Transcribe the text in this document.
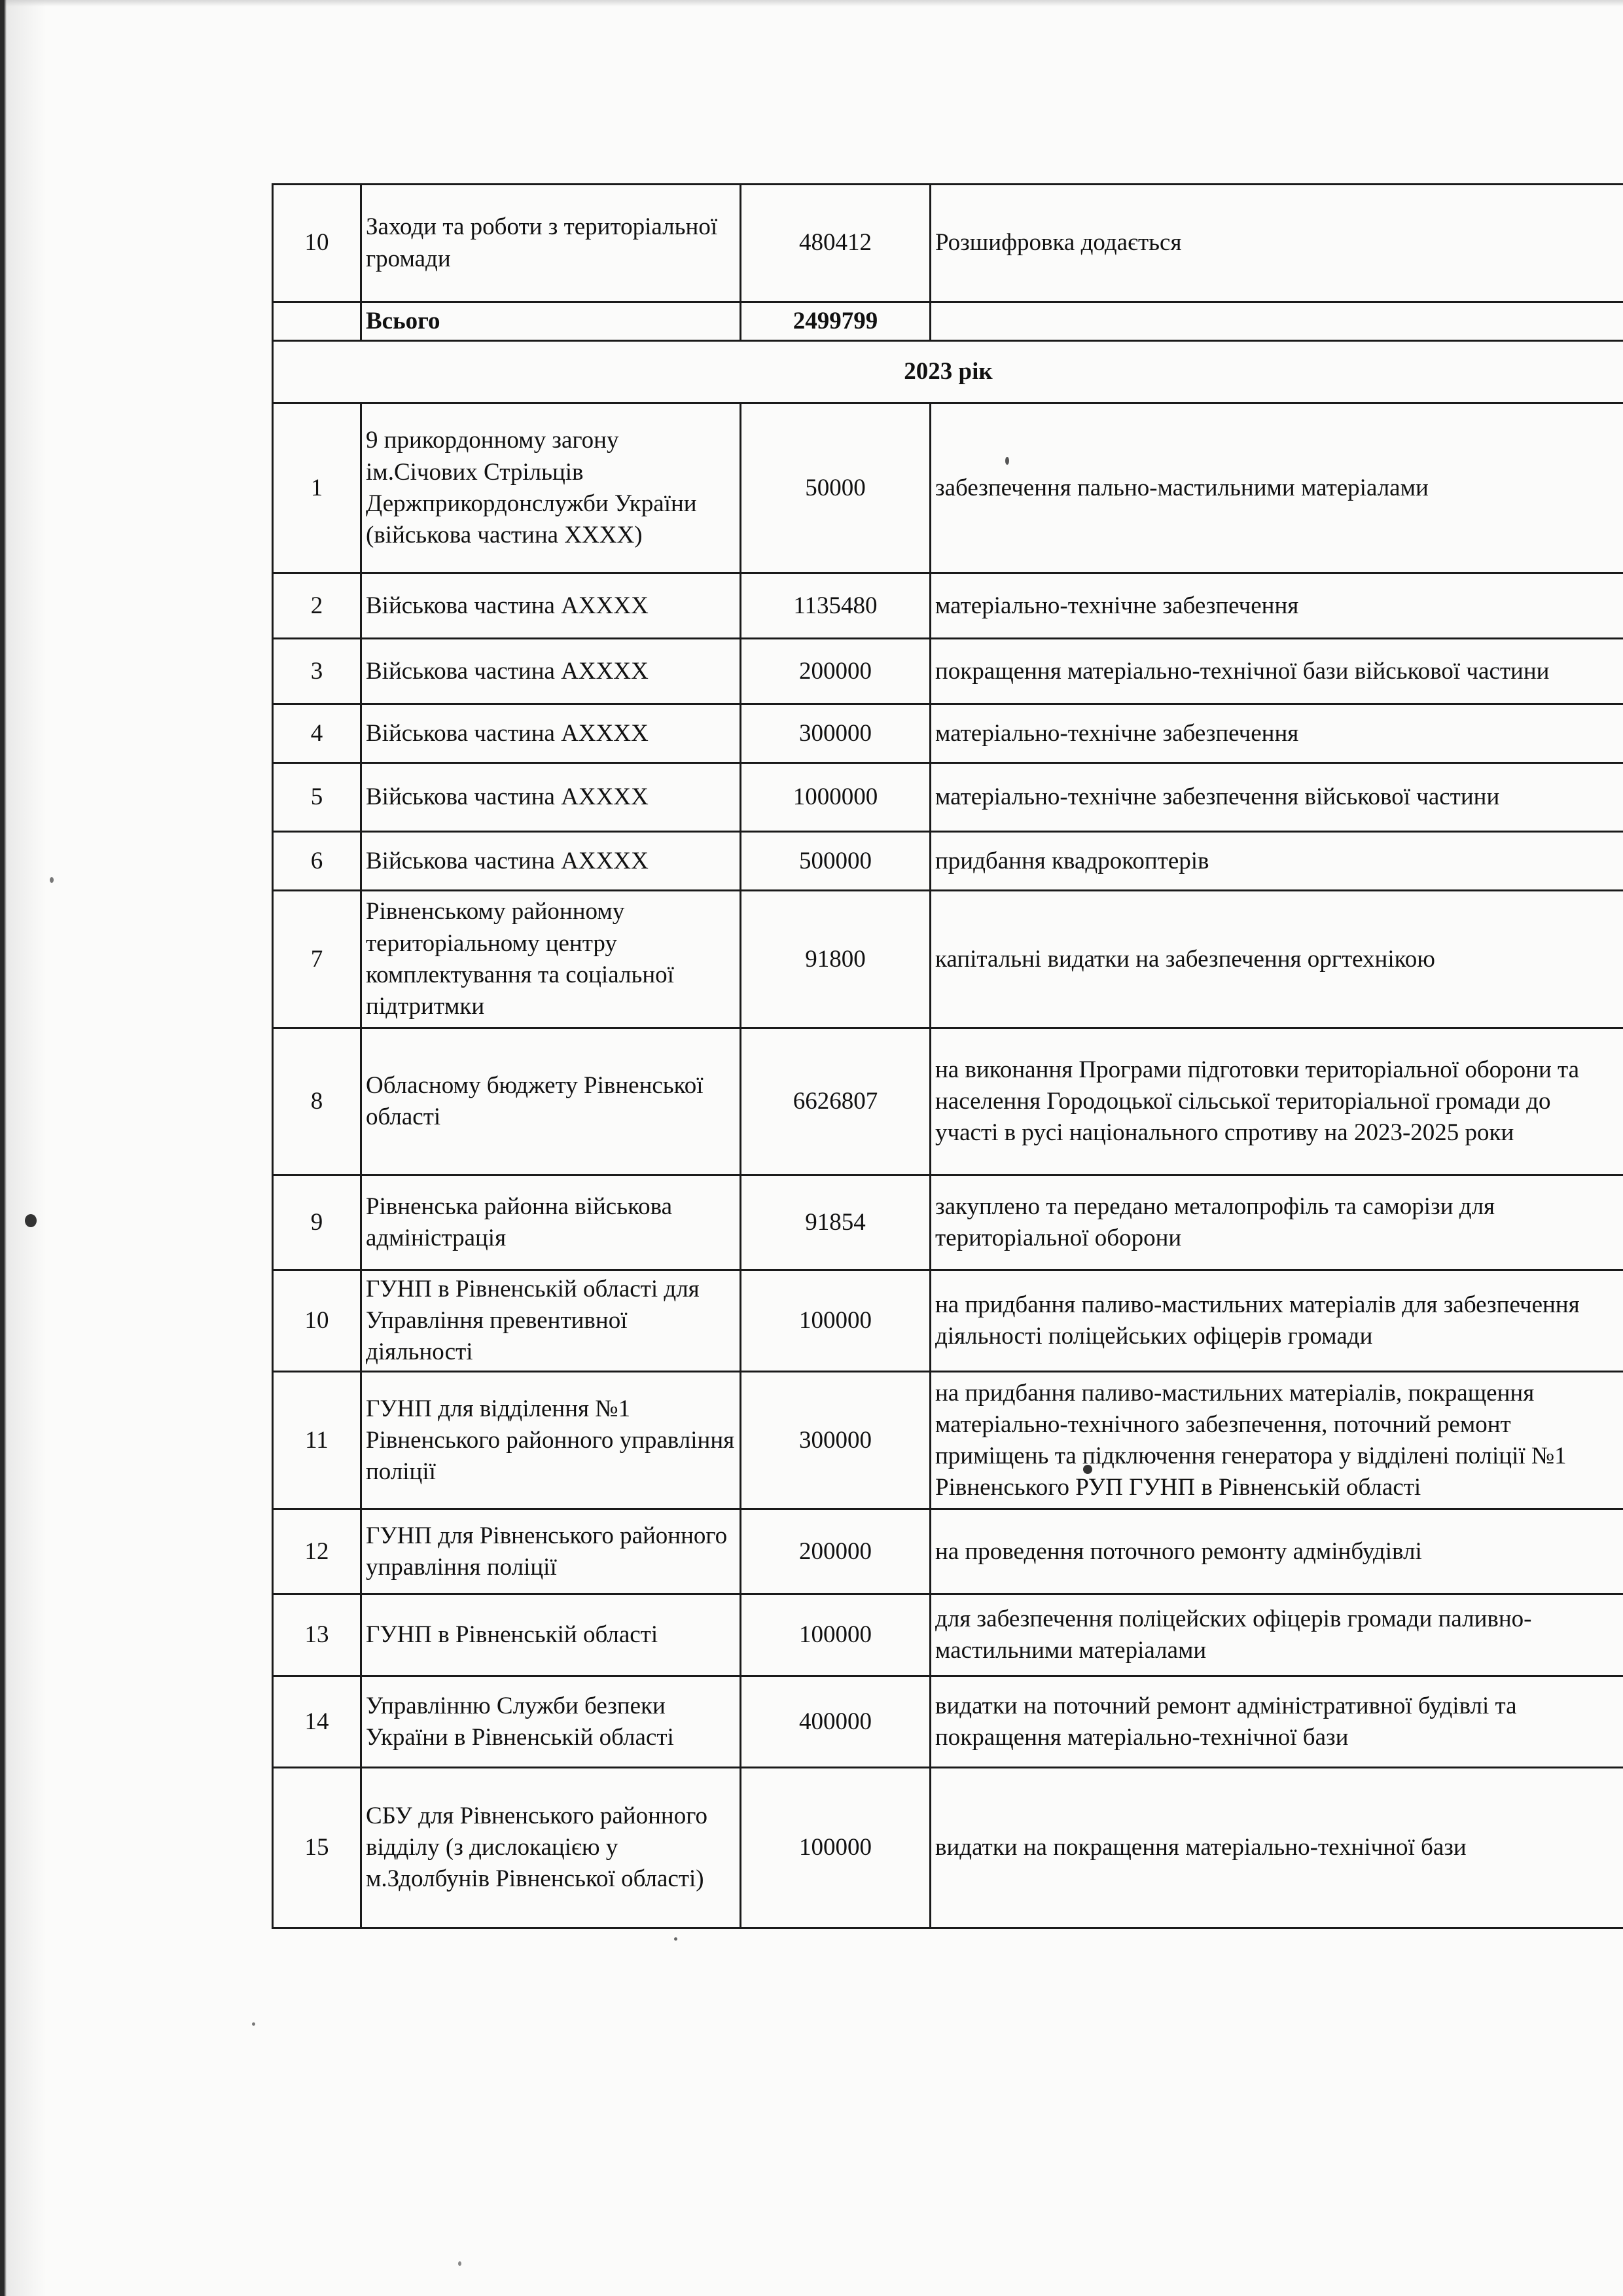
10	Заходи та роботи з територіальної громади	480412	Розшифровка додається

	Всього	2499799	
2023 рік			
1	9 прикордонному загону ім.Січових Стрільців Держприкордонслужби України (військова частина ХХХХ)	50000	забезпечення пально-мастильними матеріалами

2	Військова частина АХХХХ	1135480	матеріально-технічне забезпечення

3	Військова частина АХХХХ	200000	покращення матеріально-технічної бази військової частини

4	Військова частина АХХХХ	300000	матеріально-технічне забезпечення

5	Військова частина АХХХХ	1000000	матеріально-технічне забезпечення військової частини

6	Військова частина АХХХХ	500000	придбання квадрокоптерів

7	Рівненському районному територіальному центру комплектування та соціальної підтритмки	91800	капітальні видатки на забезпечення оргтехнікою

8	Обласному бюджету Рівненської області	6626807	на виконання Програми підготовки територіальної оборони та
населення Городоцької сільської територіальної громади до
участі в русі національного спротиву на 2023-2025 роки

9	Рівненська районна військова адміністрація	91854	закуплено та передано металопрофіль та саморізи для
територіальної оборони

10	ГУНП в Рівненській області для Управління превентивної діяльності	100000	на придбання паливо-мастильних матеріалів для забезпечення
діяльності поліцейських офіцерів громади

11	ГУНП для відділення №1 Рівненського районного управління поліції	300000	на придбання паливо-мастильних матеріалів, покращення
матеріально-технічного забезпечення, поточний ремонт
приміщень та підключення генератора у відділені поліції №1
Рівненського РУП ГУНП в Рівненській області

12	ГУНП для Рівненського районного управління поліції	200000	на проведення поточного ремонту адмінбудівлі

13	ГУНП в Рівненській області	100000	для забезпечення поліцейских офіцерів громади паливно-
мастильними матеріалами

14	Управлінню Служби безпеки України в Рівненській області	400000	видатки на поточний ремонт адміністративної будівлі та
покращення матеріально-технічної бази

15	СБУ для Рівненського районного відділу (з дислокацією у м.Здолбунів Рівненської області)	100000	видатки на покращення матеріально-технічної бази
